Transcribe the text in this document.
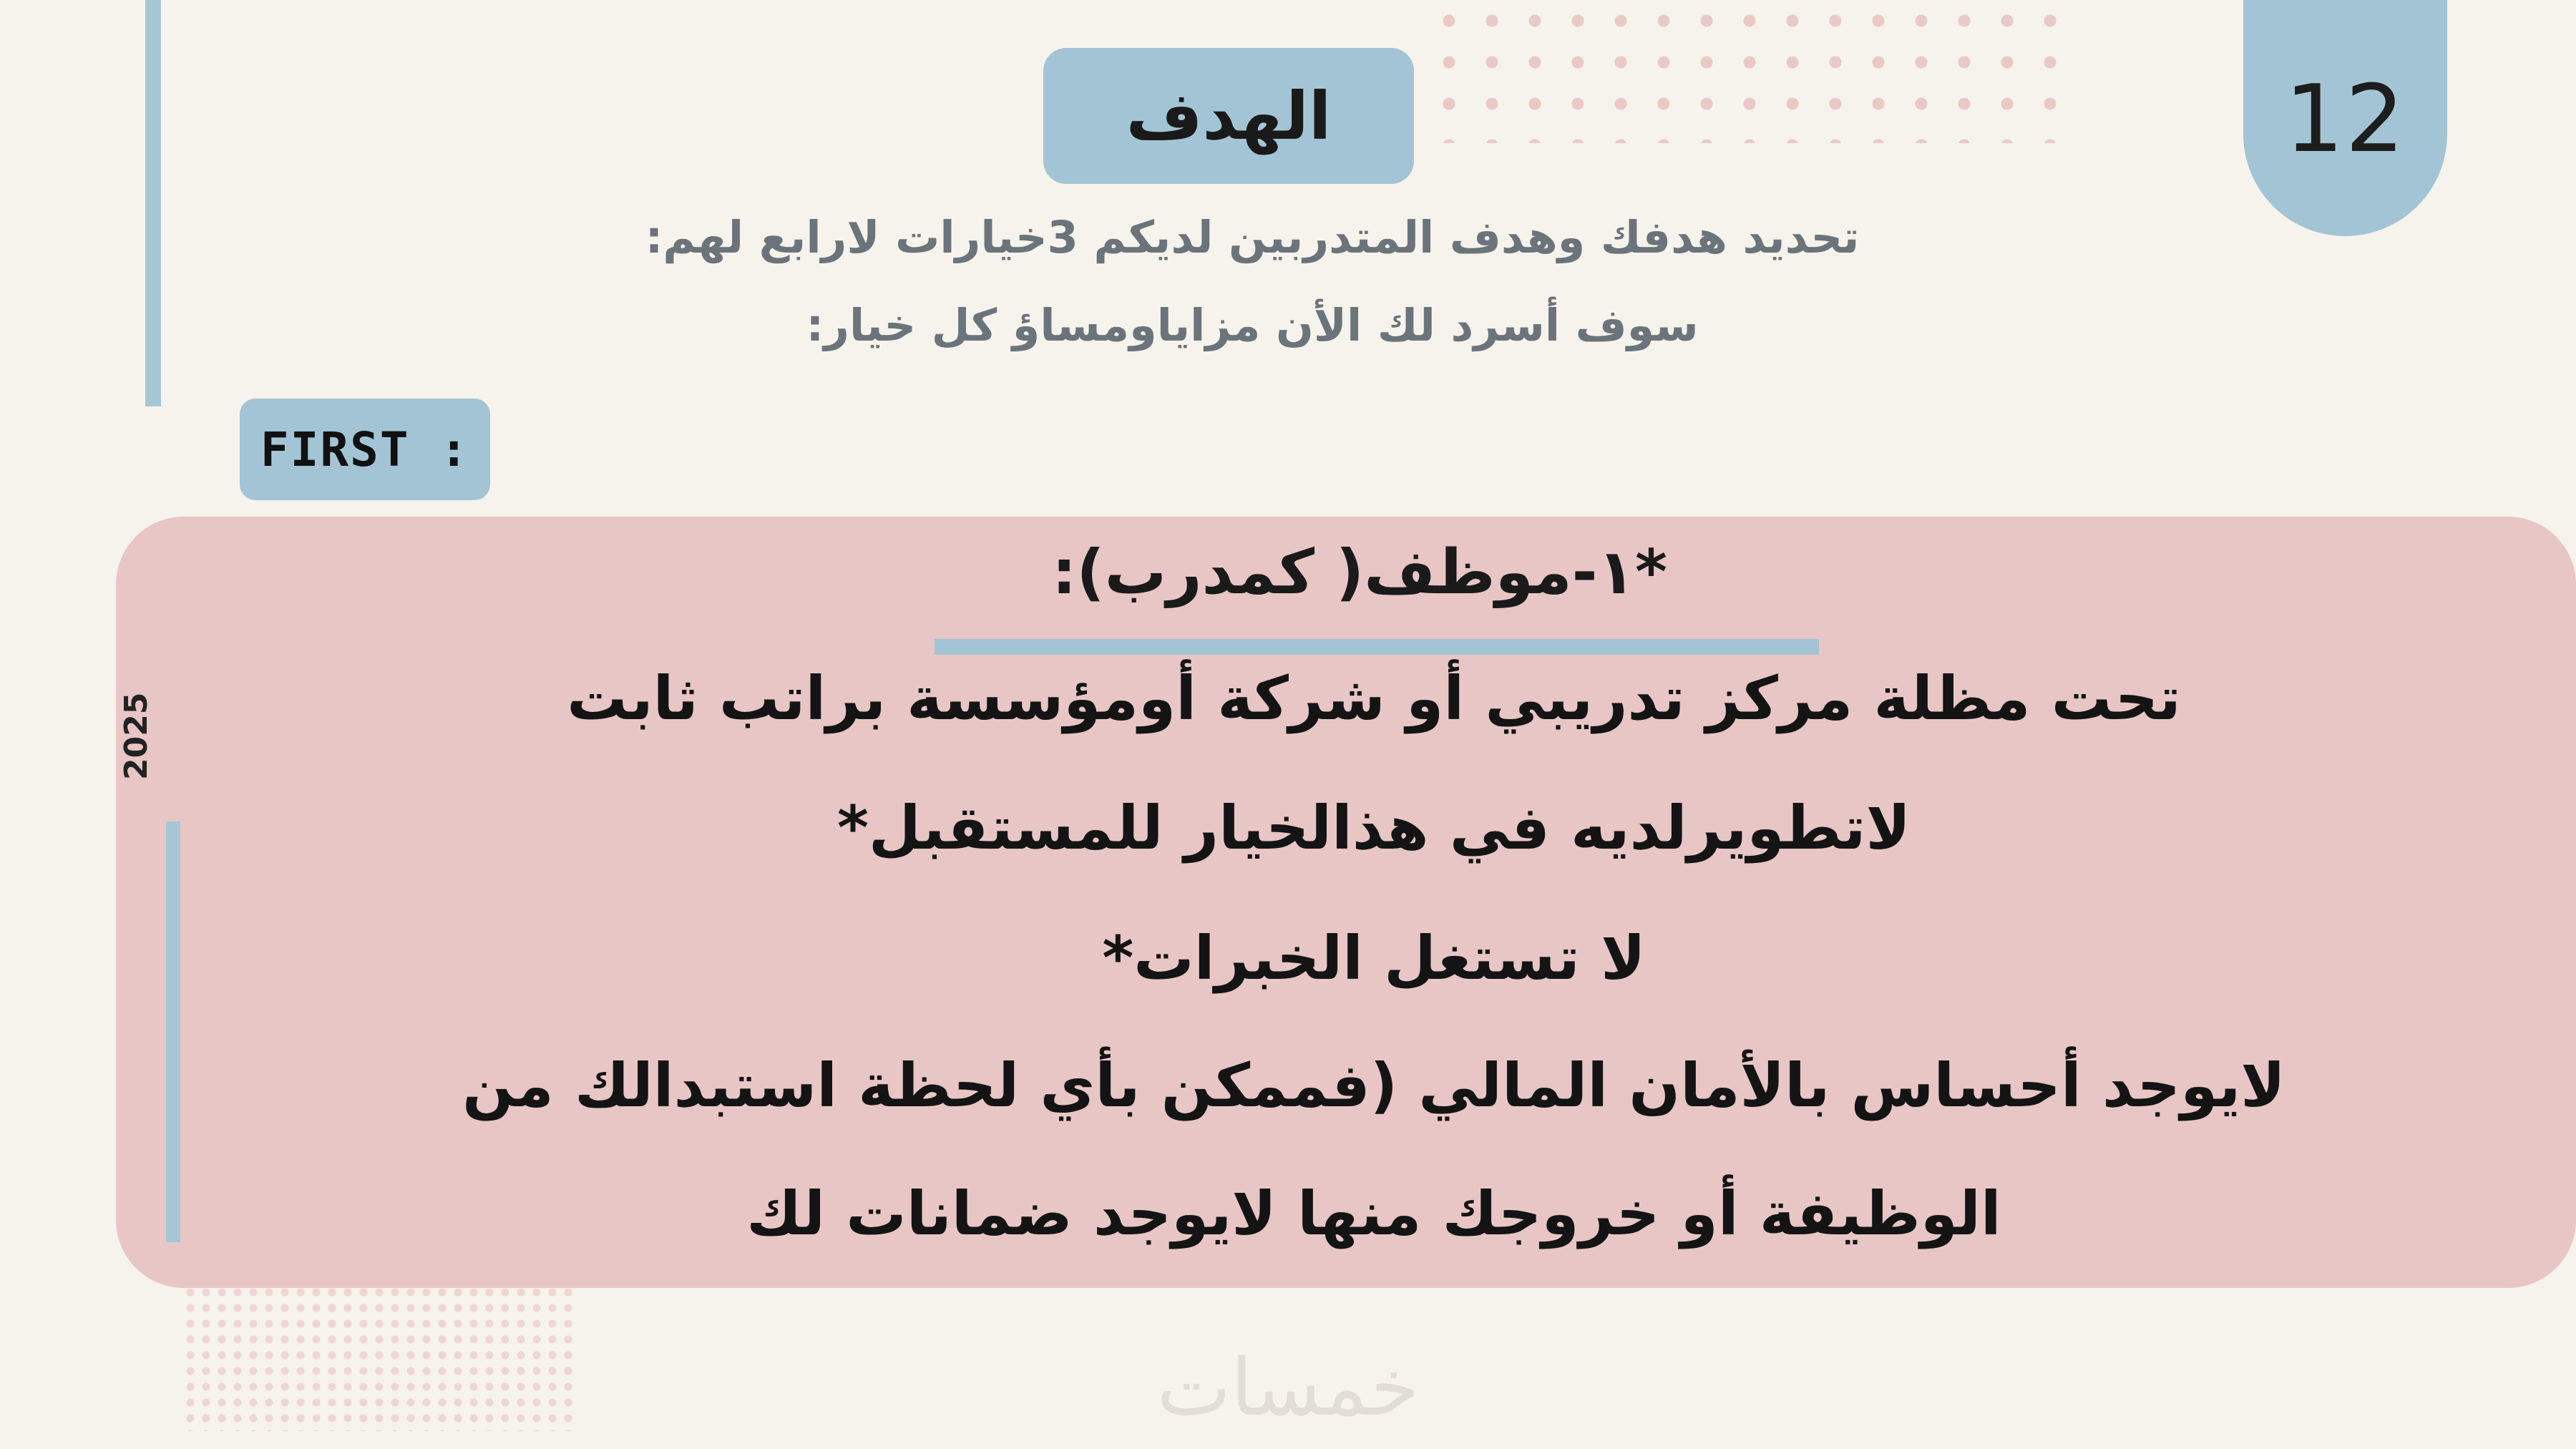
12
الهدف
تحديد هدفك وهدف المتدربين لديكم 3خيارات لارابع لهم:
سوف أسرد لك الأن مزاياومساؤ كل خيار:
FIRST :
2025
*١-موظف( كمدرب):
تحت مظلة مركز تدريبي أو شركة أومؤسسة براتب ثابت
لاتطويرلديه في هذالخيار للمستقبل*
لا تستغل الخبرات*
لايوجد أحساس بالأمان المالي (فممكن بأي لحظة استبدالك من
الوظيفة أو خروجك منها لايوجد ضمانات لك
خمسات
